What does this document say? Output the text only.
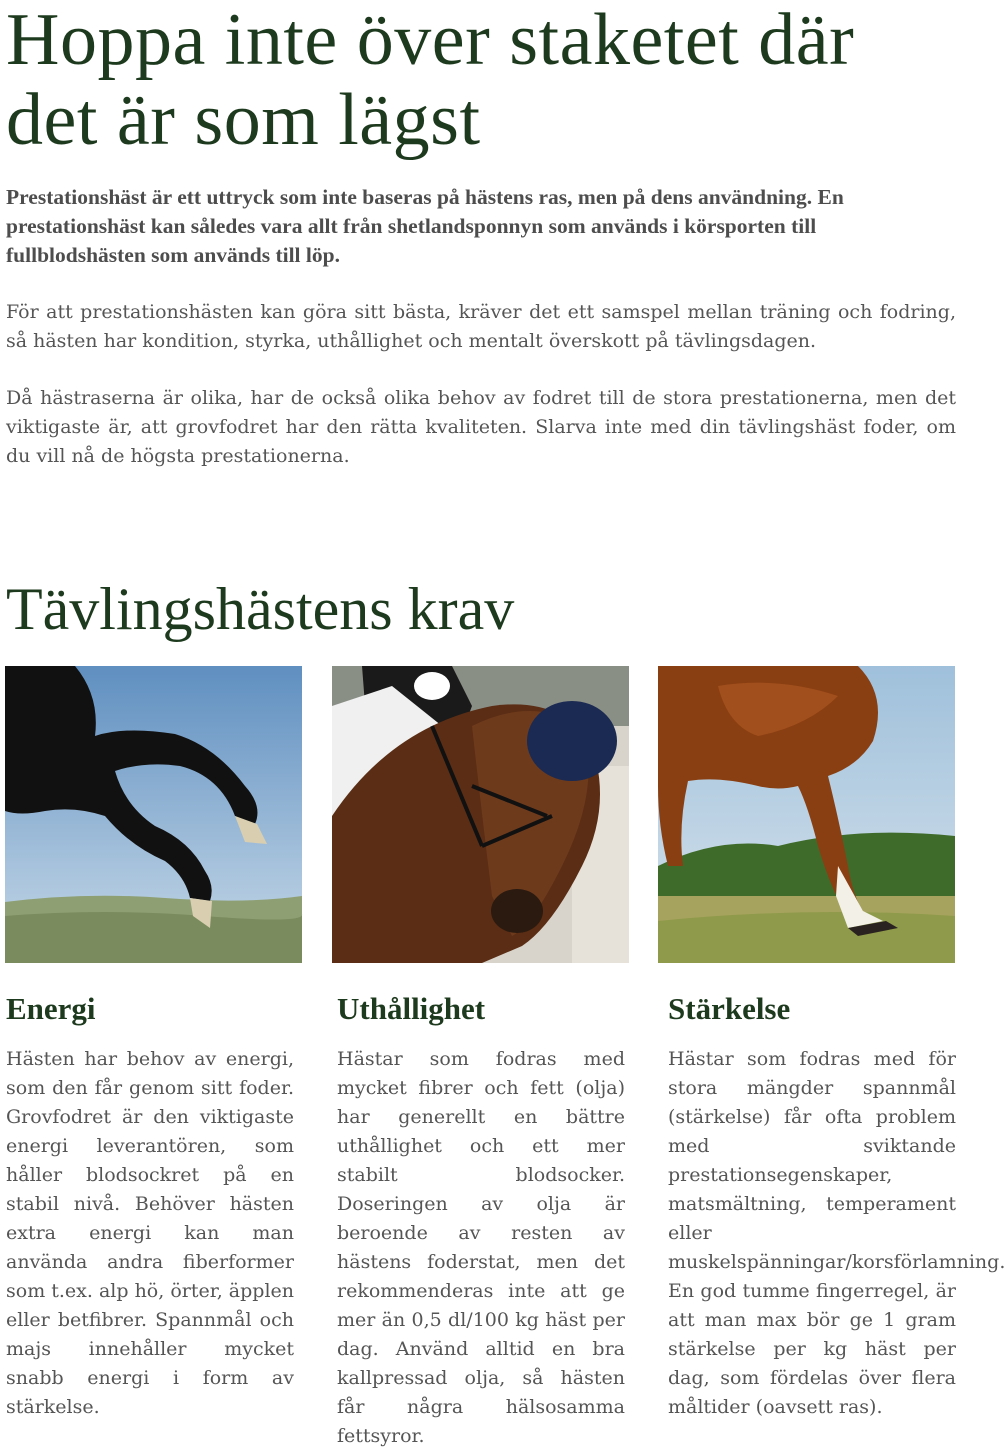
Hoppa inte över staketet där det är som lägst

Prestationshäst är ett uttryck som inte baseras på hästens ras, men på dens användning. En prestationshäst kan således vara allt från shetlandsponnyn som används i körsporten till fullblodshästen som används till löp.

För att prestationshästen kan göra sitt bästa, kräver det ett samspel mellan träning och fodring, så hästen har kondition, styrka, uthållighet och mentalt överskott på tävlingsdagen.

Då hästraserna är olika, har de också olika behov av fodret till de stora prestationerna, men det viktigaste är, att grovfodret har den rätta kvaliteten. Slarva inte med din tävlingshäst foder, om du vill nå de högsta prestationerna.

Tävlingshästens krav
Energi	Uthållighet	Stärkelse

Hästen har behov av energi, som den får genom sitt foder. Grovfodret är den viktigaste energi leverantören, som håller blodsockret på en stabil nivå. Behöver hästen extra energi kan man använda andra fiberformer som t.ex. alp hö, örter, äpplen eller betfibrer. Spannmål och majs innehåller mycket snabb energi i form av stärkelse.

Hästar som fodras med mycket fibrer och fett (olja) har generellt en bättre uthållighet och ett mer stabilt blodsocker. Doseringen av olja är beroende av resten av hästens foderstat, men det rekommenderas inte att ge mer än 0,5 dl/100 kg häst per dag. Använd alltid en bra kallpressad olja, så hästen får några hälsosamma fettsyror.

Hästar som fodras med för stora mängder spannmål (stärkelse) får ofta problem med sviktande prestationsegenskaper, matsmältning, temperament eller muskelspänningar/korsförlamning. En god tumme fingerregel, är att man max bör ge 1 gram stärkelse per kg häst per dag, som fördelas över flera måltider (oavsett ras).
